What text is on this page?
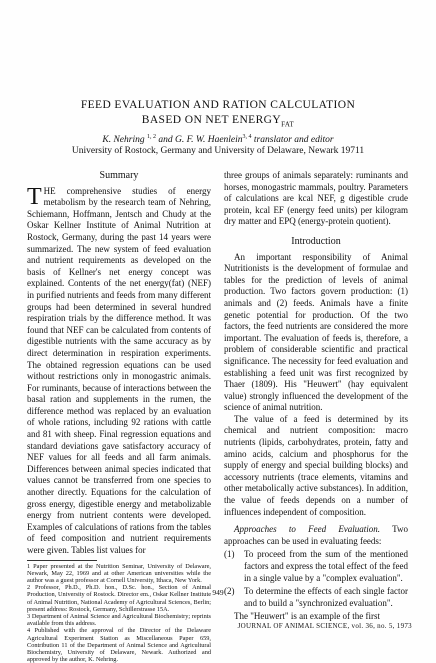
FEED EVALUATION AND RATION CALCULATION
BASED ON NET $ENERGY_{FAT}$
K. Nehring $^{1, 2}$ and G. F. W. Haenlein$^{3, 4}$ translator and editor
University of Rostock, Germany and University of Delaware, Newark 19711
Summary

THE comprehensive studies of energy metabolism by the research team of Nehring, Schiemann, Hoffmann, Jentsch and Chudy at the Oskar Kellner Institute of Animal Nutrition at Rostock, Germany, during the past 14 years were summarized. The new system of feed evaluation and nutrient requirements as developed on the basis of Kellner's net energy concept was explained. Contents of the net energy(fat) (NEF) in purified nutrients and feeds from many different groups had been determined in several hundred respiration trials by the difference method. It was found that NEF can be calculated from contents of digestible nutrients with the same accuracy as by direct determination in respiration experiments. The obtained regression equations can be used without restrictions only in monogastric animals. For ruminants, because of interactions between the basal ration and supplements in the rumen, the difference method was replaced by an evaluation of whole rations, including 92 rations with cattle and 81 with sheep. Final regression equations and standard deviations gave satisfactory accuracy of NEF values for all feeds and all farm animals. Differences between animal species indicated that values cannot be transferred from one species to another directly. Equations for the calculation of gross energy, digestible energy and metabolizable energy from nutrient contents were developed. Examples of calculations of rations from the tables of feed composition and nutrient requirements were given. Tables list values for

1 Paper presented at the Nutrition Seminar, University of Delaware, Newark, May 22, 1969 and at other American universities while the author was a guest professor at Cornell University, Ithaca, New York.

2 Professor, Ph.D., Ph.D. hon., D.Sc. hon., Section of Animal Production, University of Rostock. Director em., Oskar Kellner Institute of Animal Nutrition, National Academy of Agricultural Sciences, Berlin; present address: Rostock, Germany, Schillerstrasse 15A.

3 Department of Animal Science and Agricultural Biochemistry; reprints available from this address.

4 Published with the approval of the Director of the Delaware Agricultural Experiment Station as Miscellaneous Paper 659, Contribution 11 of the Department of Animal Science and Agricultural Biochemistry, University of Delaware, Newark. Authorized and approved by the author, K. Nehring.

three groups of animals separately: ruminants and horses, monogastric mammals, poultry. Parameters of calculations are kcal NEF, g digestible crude protein, kcal EF (energy feed units) per kilogram dry matter and EPQ (energy-protein quotient).

Introduction

An important responsibility of Animal Nutritionists is the development of formulae and tables for the prediction of levels of animal production. Two factors govern production: (1) animals and (2) feeds. Animals have a finite genetic potential for production. Of the two factors, the feed nutrients are considered the more important. The evaluation of feeds is, therefore, a problem of considerable scientific and practical significance. The necessity for feed evaluation and establishing a feed unit was first recognized by Thaer (1809). His "Heuwert" (hay equivalent value) strongly influenced the development of the science of animal nutrition.

The value of a feed is determined by its chemical and nutrient composition: macro nutrients (lipids, carbohydrates, protein, fatty and amino acids, calcium and phosphorus for the supply of energy and special building blocks) and accessory nutrients (trace elements, vitamins and other metabolically active substances). In addition, the value of feeds depends on a number of influences independent of composition.

Approaches to Feed Evaluation. Two approaches can be used in evaluating feeds:

(1)	To proceed from the sum of the mentioned factors and express the total effect of the feed in a single value by a "complex evaluation".
(2)	To determine the effects of each single factor and to build a "synchronized evaluation".

The "Heuwert" is an example of the first

949
JOURNAL OF ANIMAL SCIENCE, vol. 36, no. 5, 1973
